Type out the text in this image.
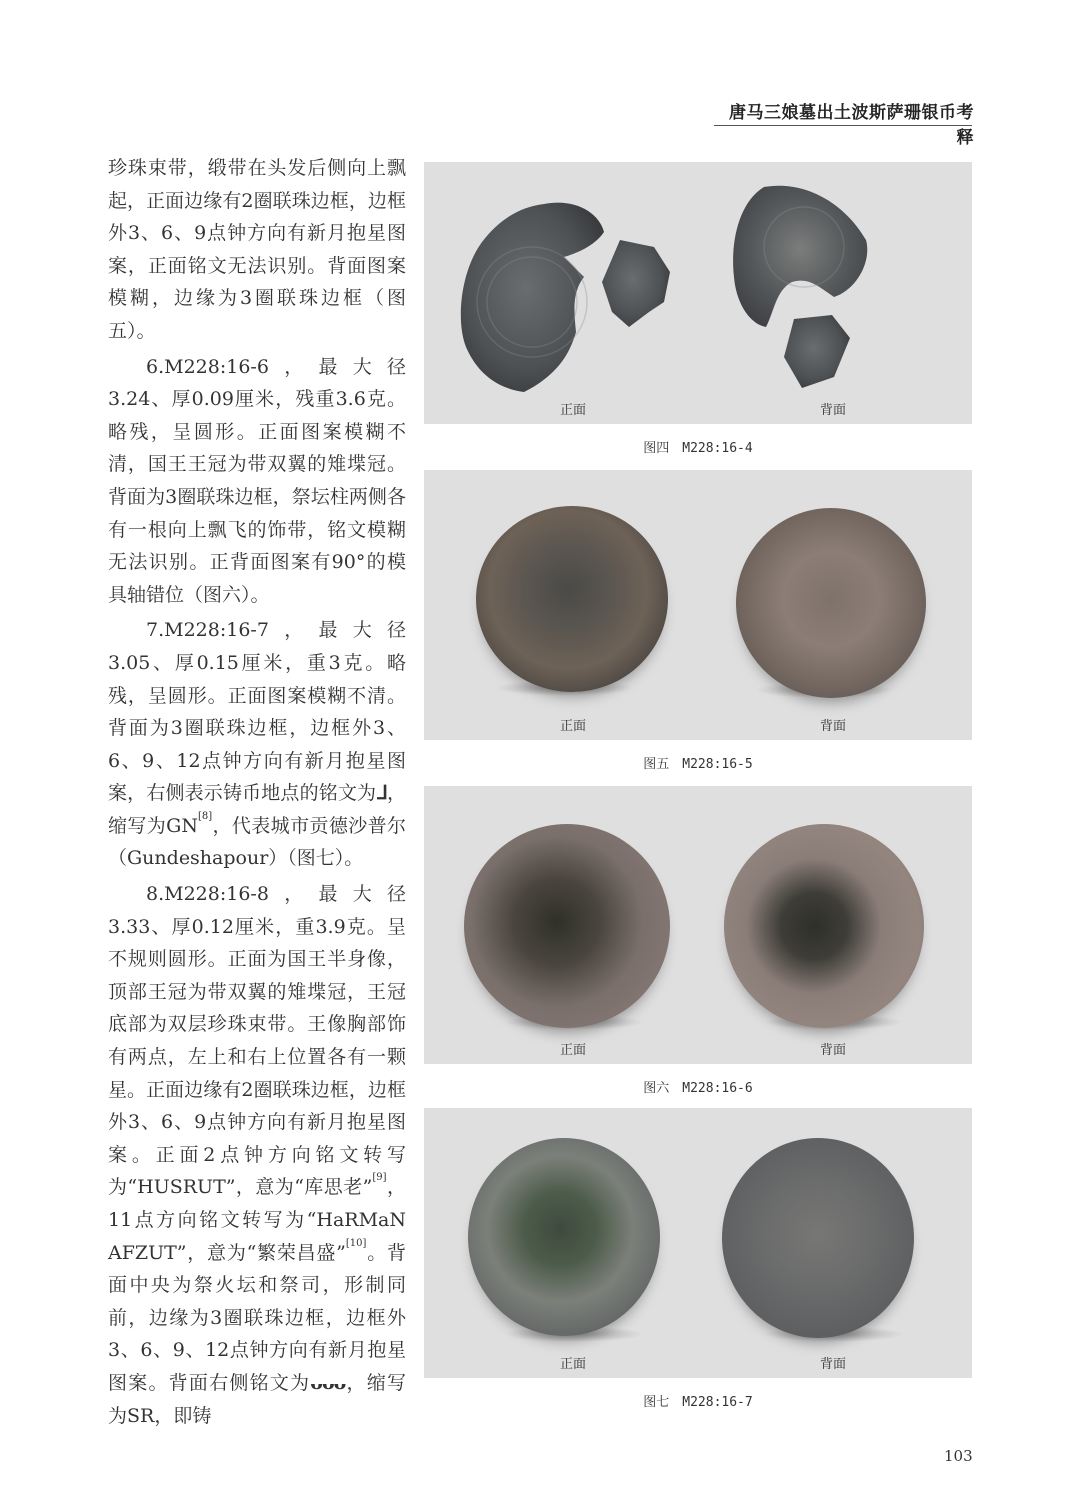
唐马三娘墓出土波斯萨珊银币考释

珍珠束带，缎带在头发后侧向上飘起，正面边缘有2圈联珠边框，边框外3、6、9点钟方向有新月抱星图案，正面铭文无法识别。背面图案模糊，边缘为3圈联珠边框（图五）。

6.M228:16-6，最大径3.24、厚0.09厘米，残重3.6克。略残，呈圆形。正面图案模糊不清，国王王冠为带双翼的雉堞冠。背面为3圈联珠边框，祭坛柱两侧各有一根向上飘飞的饰带，铭文模糊无法识别。正背面图案有90°的模具轴错位（图六）。

7.M228:16-7，最大径3.05、厚0.15厘米，重3克。略残，呈圆形。正面图案模糊不清。背面为3圈联珠边框，边框外3、6、9、12点钟方向有新月抱星图案，右侧表示铸币地点的铭文为ᒧ，缩写为GN[8]，代表城市贡德沙普尔（Gundeshapour）（图七）。

8.M228:16-8，最大径3.33、厚0.12厘米，重3.9克。呈不规则圆形。正面为国王半身像，顶部王冠为带双翼的雉堞冠，王冠底部为双层珍珠束带。王像胸部饰有两点，左上和右上位置各有一颗星。正面边缘有2圈联珠边框，边框外3、6、9点钟方向有新月抱星图案。正面2点钟方向铭文转写为“HUSRUT”，意为“库思老”[9]，11点方向铭文转写为“HaRMaN AFZUT”，意为“繁荣昌盛”[10]。背面中央为祭火坛和祭司，形制同前，边缘为3圈联珠边框，边框外3、6、9、12点钟方向有新月抱星图案。背面右侧铭文为ᴗᴗᴗ，缩写为SR，即铸

正面	背面
图四　M228:16-4
正面	背面
图五　M228:16-5
正面	背面
图六　M228:16-6
正面	背面
图七　M228:16-7
103
